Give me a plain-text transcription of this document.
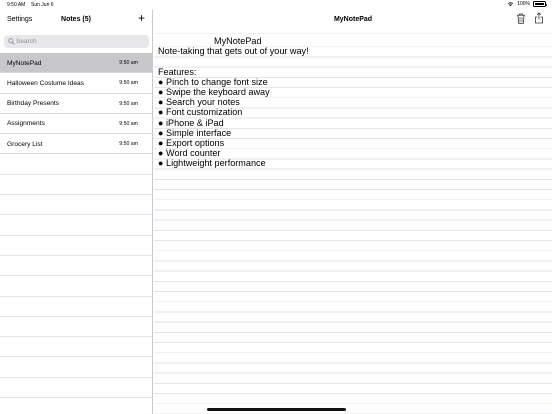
9:50 AM Sun Jun 6	100%
Settings	Notes (5)	+
Search
MyNotePad	9:50 am
Halloween Costume Ideas	9:50 am
Birthday Presents	9:50 am
Assignments	9:50 am
Grocery List	9:50 am
MyNotePad
MyNotePad
Note-taking that gets out of your way!
Features:
● Pinch to change font size
● Swipe the keyboard away
● Search your notes
● Font customization
● iPhone & iPad
● Simple interface
● Export options
● Word counter
● Lightweight performance
